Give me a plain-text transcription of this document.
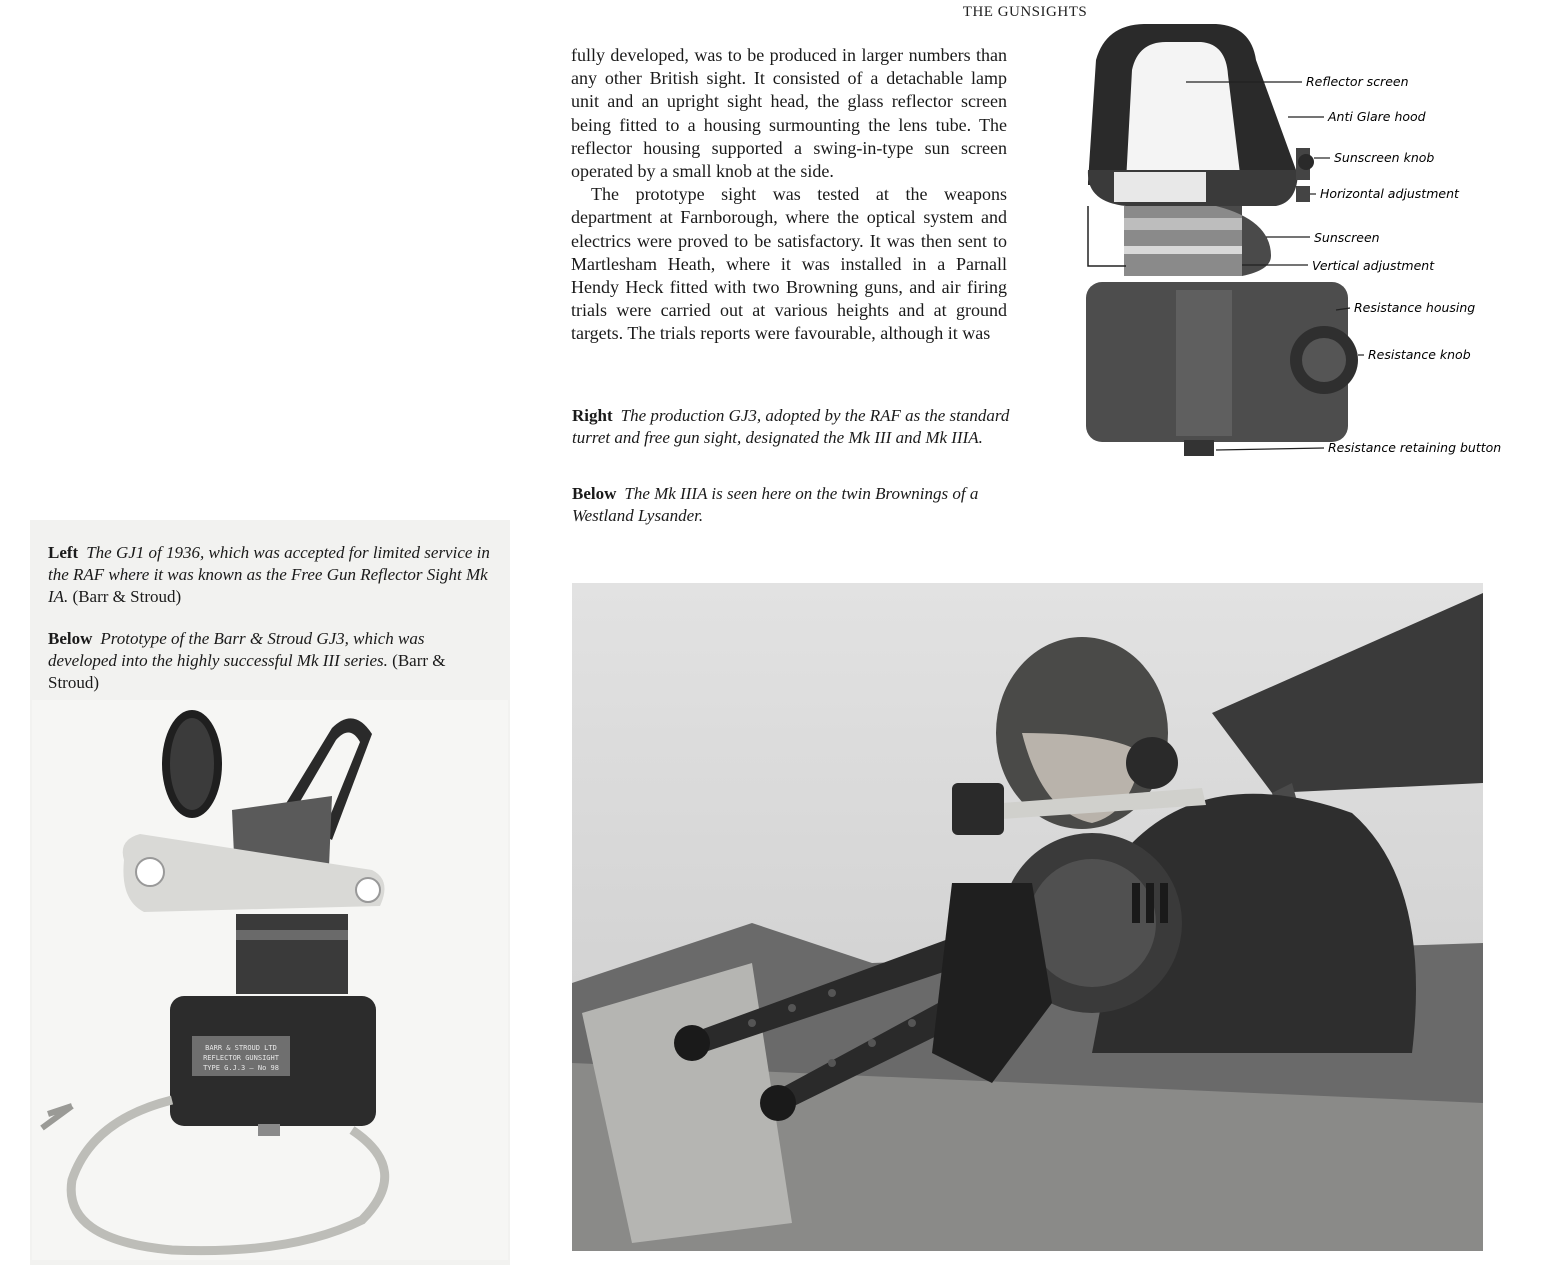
THE GUNSIGHTS

fully developed, was to be produced in larger numbers than any other British sight. It consisted of a detachable lamp unit and an upright sight head, the glass reflector screen being fitted to a housing surmounting the lens tube. The reflector housing supported a swing-in-type sun screen operated by a small knob at the side.

The prototype sight was tested at the weapons department at Farnborough, where the optical system and electrics were proved to be satisfactory. It was then sent to Martlesham Heath, where it was installed in a Parnall Hendy Heck fitted with two Browning guns, and air firing trials were carried out at various heights and at ground targets. The trials reports were favourable, although it was

Right The production GJ3, adopted by the RAF as the standard turret and free gun sight, designated the Mk III and Mk IIIA.
Below The Mk IIIA is seen here on the twin Brownings of a Westland Lysander.
Left The GJ1 of 1936, which was accepted for limited service in the RAF where it was known as the Free Gun Reflector Sight Mk IA. (Barr & Stroud)
Below Prototype of the Barr & Stroud GJ3, which was developed into the highly successful Mk III series. (Barr & Stroud)
Reflector screen
Anti Glare hood
Sunscreen knob
Horizontal adjustment
Sunscreen
Vertical adjustment
Resistance housing
Resistance knob
Resistance retaining button
BARR & STROUD LTD
REFLECTOR GUNSIGHT
TYPE G.J.3 — No 98
